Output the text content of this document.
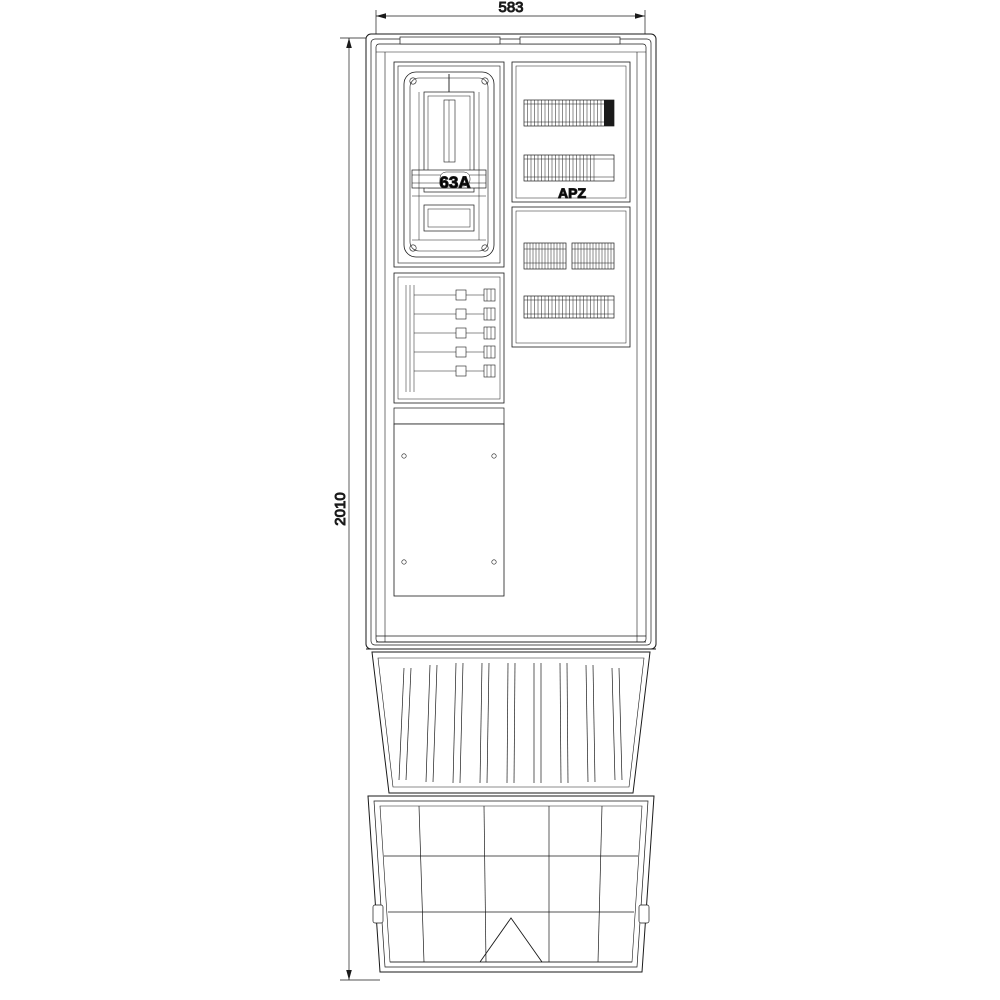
583
2010
63A
APZ
